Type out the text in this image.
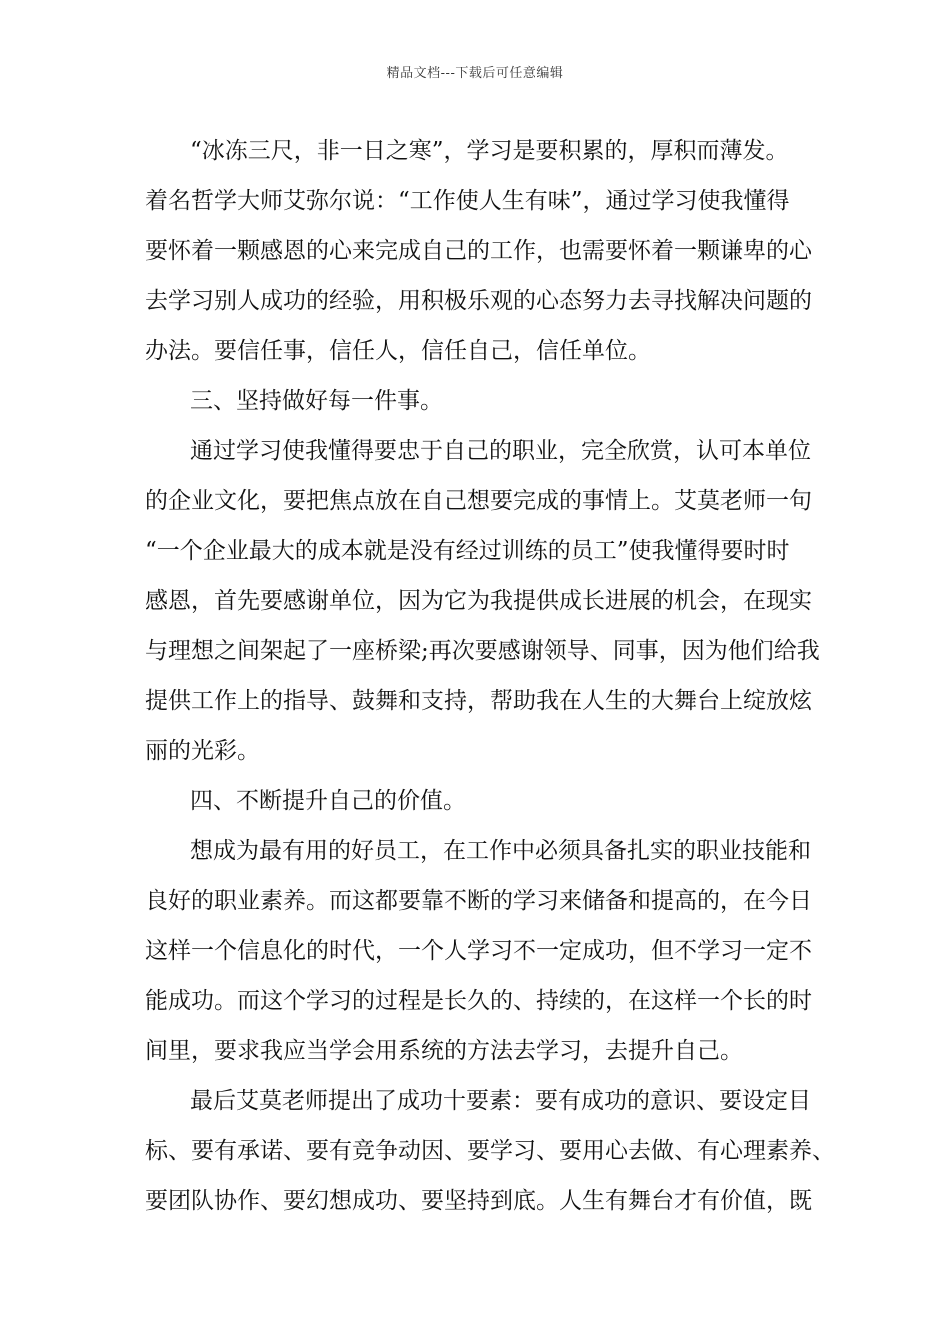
精品文档---下载后可任意编辑
“冰冻三尺，非一日之寒”，学习是要积累的，厚积而薄发。
着名哲学大师艾弥尔说：“工作使人生有味”，通过学习使我懂得
要怀着一颗感恩的心来完成自己的工作，也需要怀着一颗谦卑的心
去学习别人成功的经验，用积极乐观的心态努力去寻找解决问题的
办法。要信任事，信任人，信任自己，信任单位。
三、坚持做好每一件事。
通过学习使我懂得要忠于自己的职业，完全欣赏，认可本单位
的企业文化，要把焦点放在自己想要完成的事情上。艾莫老师一句
“一个企业最大的成本就是没有经过训练的员工”使我懂得要时时
感恩，首先要感谢单位，因为它为我提供成长进展的机会，在现实
与理想之间架起了一座桥梁;再次要感谢领导、同事，因为他们给我
提供工作上的指导、鼓舞和支持，帮助我在人生的大舞台上绽放炫
丽的光彩。
四、不断提升自己的价值。
想成为最有用的好员工，在工作中必须具备扎实的职业技能和
良好的职业素养。而这都要靠不断的学习来储备和提高的，在今日
这样一个信息化的时代，一个人学习不一定成功，但不学习一定不
能成功。而这个学习的过程是长久的、持续的，在这样一个长的时
间里，要求我应当学会用系统的方法去学习，去提升自己。
最后艾莫老师提出了成功十要素：要有成功的意识、要设定目
标、要有承诺、要有竞争动因、要学习、要用心去做、有心理素养、
要团队协作、要幻想成功、要坚持到底。人生有舞台才有价值，既
